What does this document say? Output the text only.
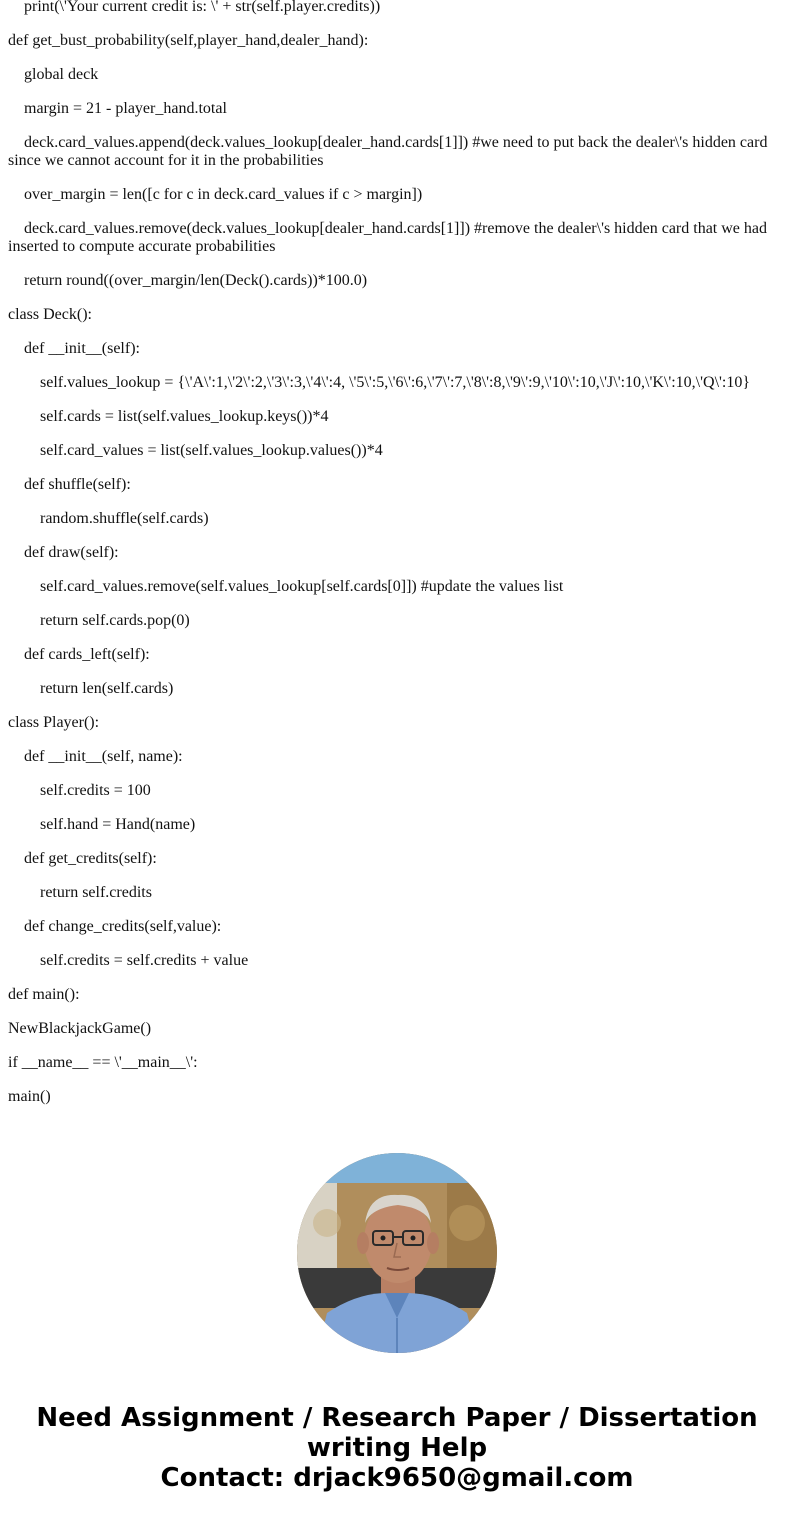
print(\'Your current credit is: \' + str(self.player.credits))

def get_bust_probability(self,player_hand,dealer_hand):

global deck

margin = 21 - player_hand.total

deck.card_values.append(deck.values_lookup[dealer_hand.cards[1]]) #we need to put back the dealer\'s hidden card since we cannot account for it in the probabilities

over_margin = len([c for c in deck.card_values if c > margin])

deck.card_values.remove(deck.values_lookup[dealer_hand.cards[1]]) #remove the dealer\'s hidden card that we had inserted to compute accurate probabilities

return round((over_margin/len(Deck().cards))*100.0)

class Deck():

def __init__(self):

self.values_lookup = {\'A\':1,\'2\':2,\'3\':3,\'4\':4, \'5\':5,\'6\':6,\'7\':7,\'8\':8,\'9\':9,\'10\':10,\'J\':10,\'K\':10,\'Q\':10}

self.cards = list(self.values_lookup.keys())*4

self.card_values = list(self.values_lookup.values())*4

def shuffle(self):

random.shuffle(self.cards)

def draw(self):

self.card_values.remove(self.values_lookup[self.cards[0]]) #update the values list

return self.cards.pop(0)

def cards_left(self):

return len(self.cards)

class Player():

def __init__(self, name):

self.credits = 100

self.hand = Hand(name)

def get_credits(self):

return self.credits

def change_credits(self,value):

self.credits = self.credits + value

def main():

NewBlackjackGame()

if __name__ == \'__main__\':

main()

Need Assignment / Research Paper / Dissertation
writing Help
Contact: drjack9650@gmail.com
